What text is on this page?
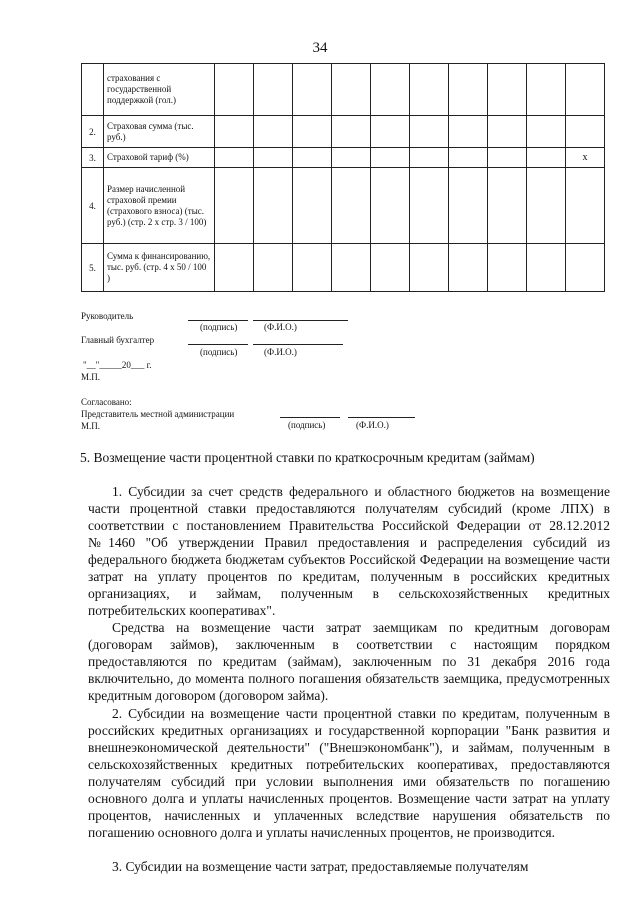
34
	страхования с государственной поддержкой (гол.)										
2.	Страховая сумма (тыс. руб.)										
3.	Страховой тариф (%)										х
4.	Размер начисленной страховой премии (страхового взноса) (тыс. руб.) (стр. 2 х стр. 3 / 100)										
5.	Сумма к финансированию, тыс. руб. (стр. 4 х 50 / 100 )										
Руководитель
(подпись)	(Ф.И.О.)
Главный бухгалтер
(подпись)	(Ф.И.О.)
"__"_____20___ г.
М.П.
Согласовано:
Представитель местной администрации
М.П.	(подпись)	(Ф.И.О.)
5. Возмещение части процентной ставки по краткосрочным кредитам (займам)

1. Субсидии за счет средств федерального и областного бюджетов на возмещение части процентной ставки предоставляются получателям субсидий (кроме ЛПХ) в соответствии с постановлением Правительства Российской Федерации от 28.12.2012 №1460 "Об утверждении Правил предоставления и распределения субсидий из федерального бюджета бюджетам субъектов Российской Федерации на возмещение части затрат на уплату процентов по кредитам, полученным в российских кредитных организациях, и займам, полученным в сельскохозяйственных кредитных потребительских кооперативах".

Средства на возмещение части затрат заемщикам по кредитным договорам (договорам займов), заключенным в соответствии с настоящим порядком предоставляются по кредитам (займам), заключенным по 31 декабря 2016 года включительно, до момента полного погашения обязательств заемщика, предусмотренных кредитным договором (договором займа).

2. Субсидии на возмещение части процентной ставки по кредитам, полученным в российских кредитных организациях и государственной корпорации "Банк развития и внешнеэкономической деятельности" ("Внешэкономбанк"), и займам, полученным в сельскохозяйственных кредитных потребительских кооперативах, предоставляются получателям субсидий при условии выполнения ими обязательств по погашению основного долга и уплаты начисленных процентов. Возмещение части затрат на уплату процентов, начисленных и уплаченных вследствие нарушения обязательств по погашению основного долга и уплаты начисленных процентов, не производится.

3. Субсидии на возмещение части затрат, предоставляемые получателям
